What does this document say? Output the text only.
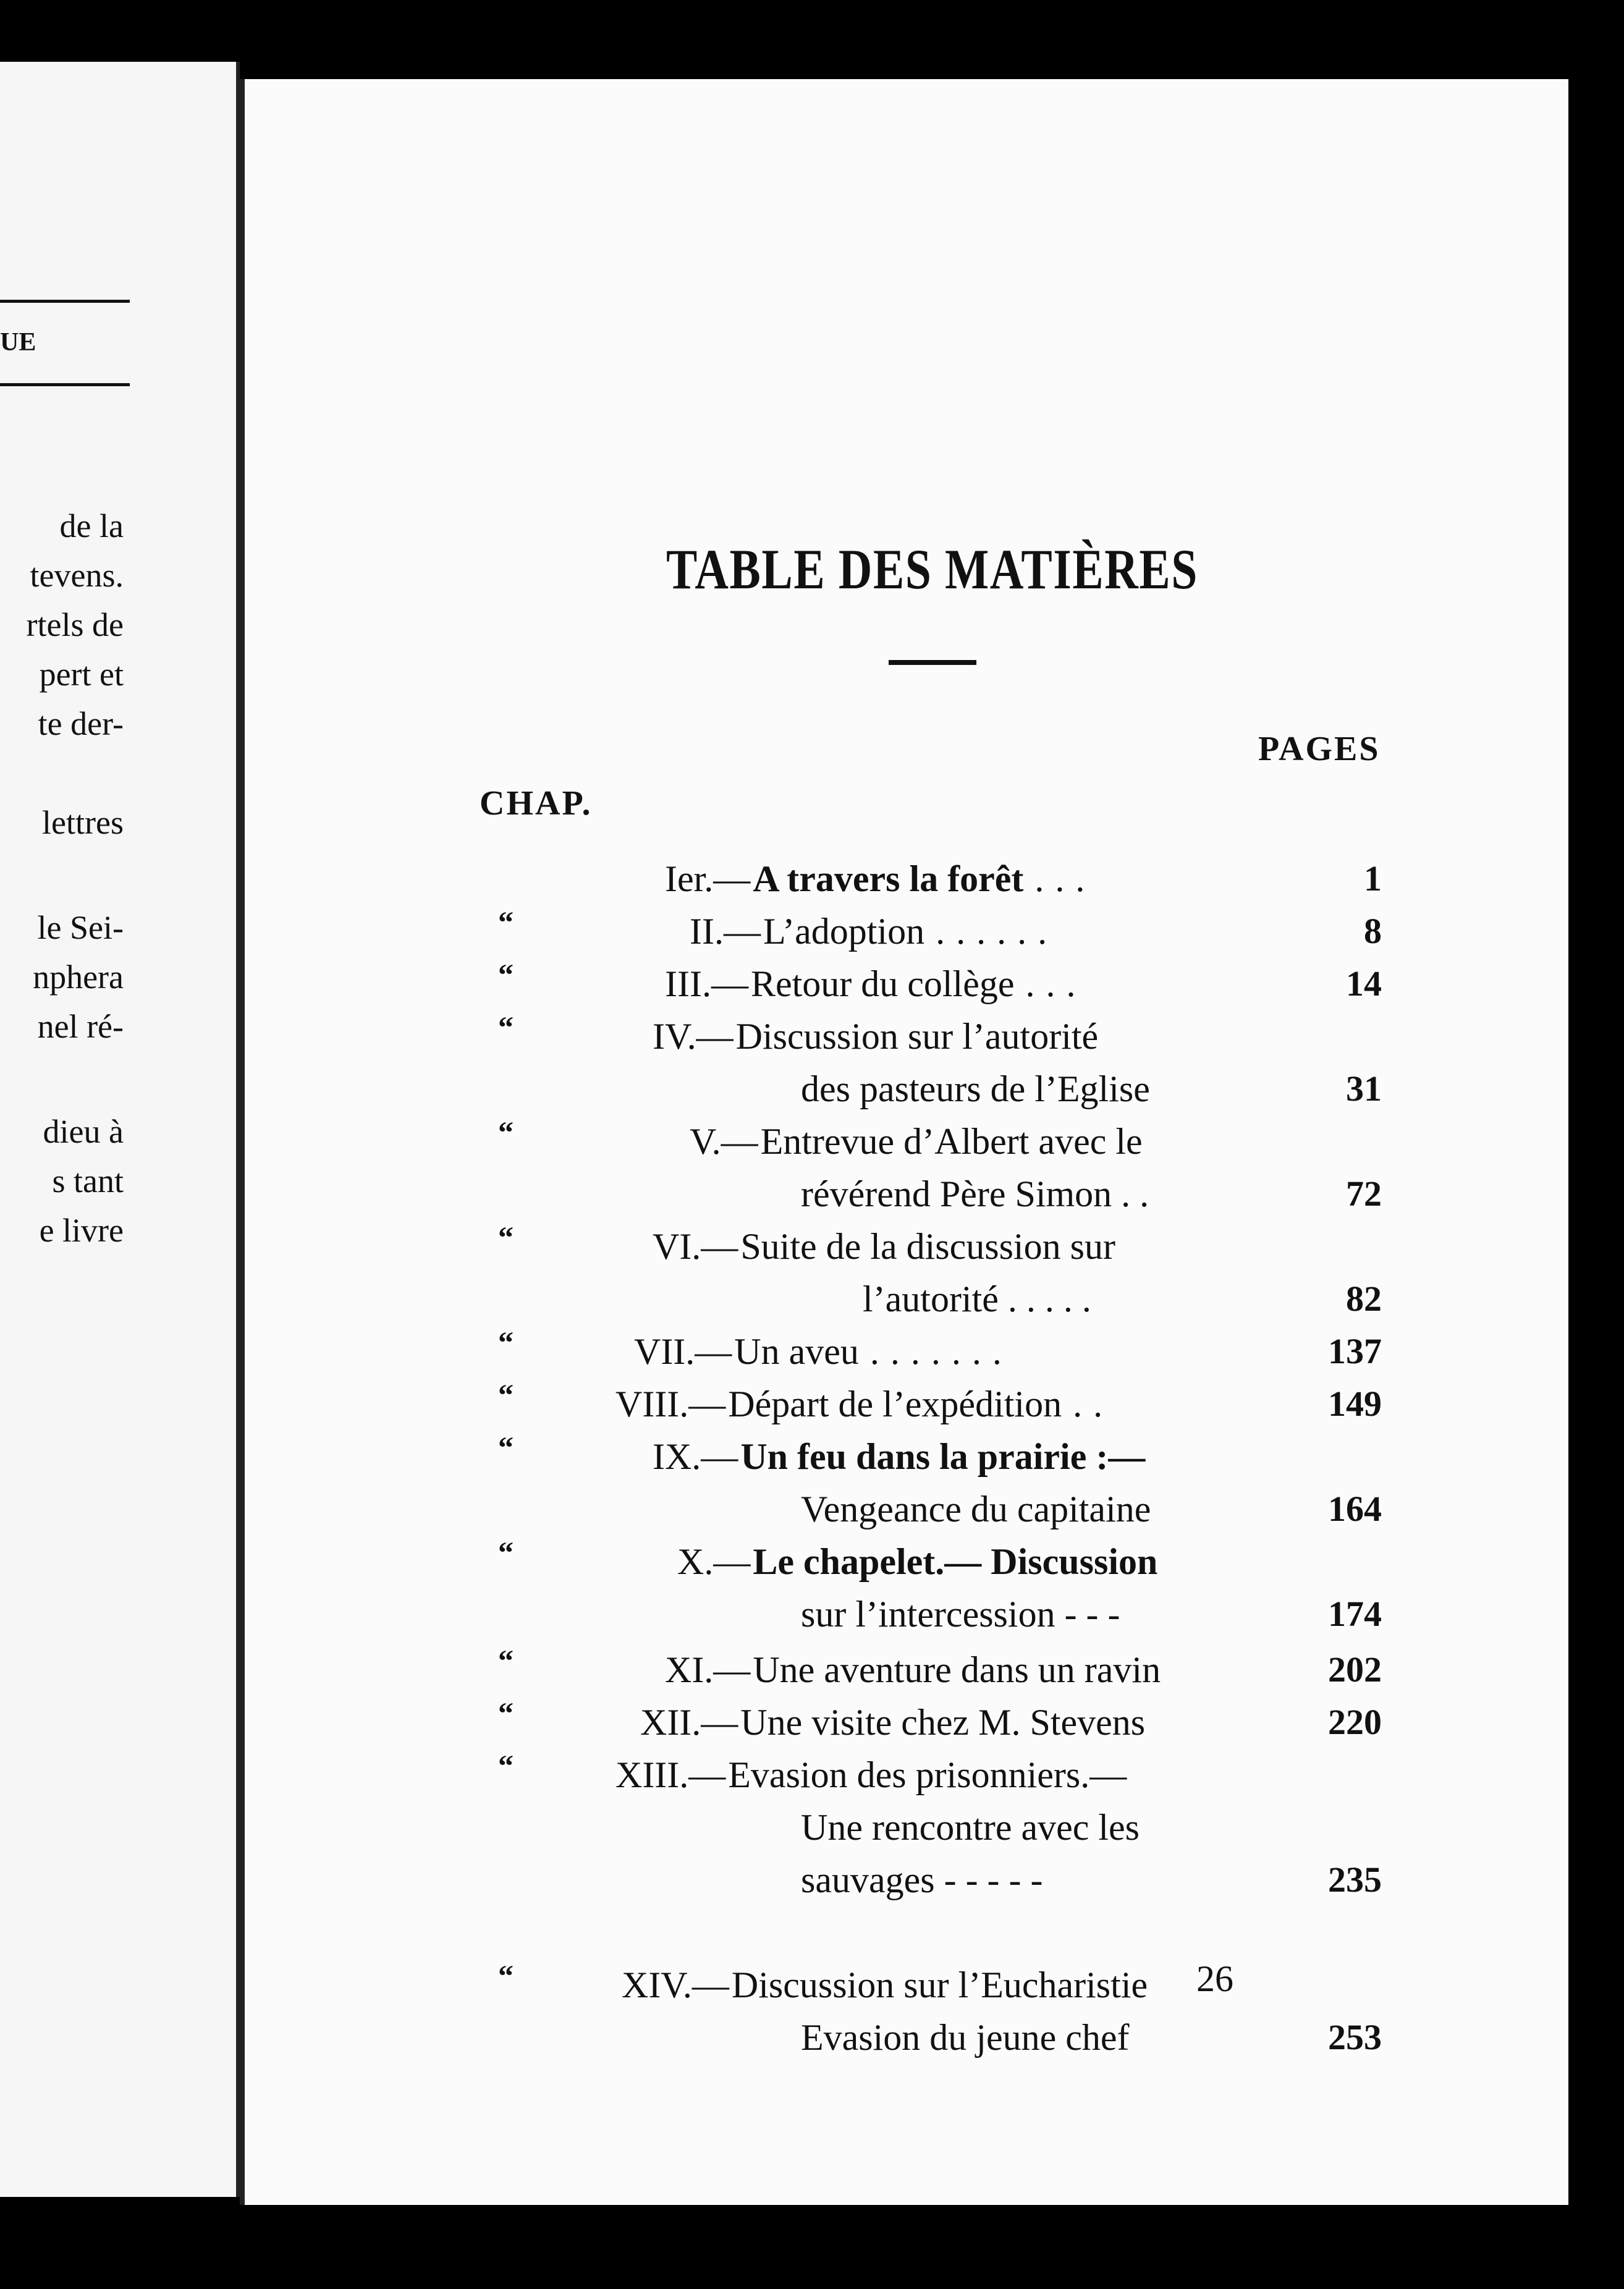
UE
de la
tevens.
rtels de
pert et
te der-
lettres
le Sei-
nphera
nel ré-
dieu à
s tant
e livre
TABLE DES MATIÈRES
PAGES
CHAP.
Ier.—A travers la forêt ...	1
“	II.—L’adoption ......	8
“	III.—Retour du collège ...	14
“	IV.—Discussion sur l’autorité
des pasteurs de l’Eglise	31
“	V.—Entrevue d’Albert avec le
révérend Père Simon . .	72
“	VI.—Suite de la discussion sur
l’autorité . . . . .	82
“	VII.—Un aveu .......	137
“	VIII.—Départ de l’expédition ..	149
“	IX.—Un feu dans la prairie :—
Vengeance du capitaine	164
“	X.—Le chapelet.— Discussion
sur l’intercession - - -	174
“	XI.—Une aventure dans un ravin	202
“	XII.—Une visite chez M. Stevens	220
“	XIII.—Evasion des prisonniers.—
Une rencontre avec les
sauvages - - - - -	235
“	XIV.—Discussion sur l’Eucharistie
Evasion du jeune chef	253
26
